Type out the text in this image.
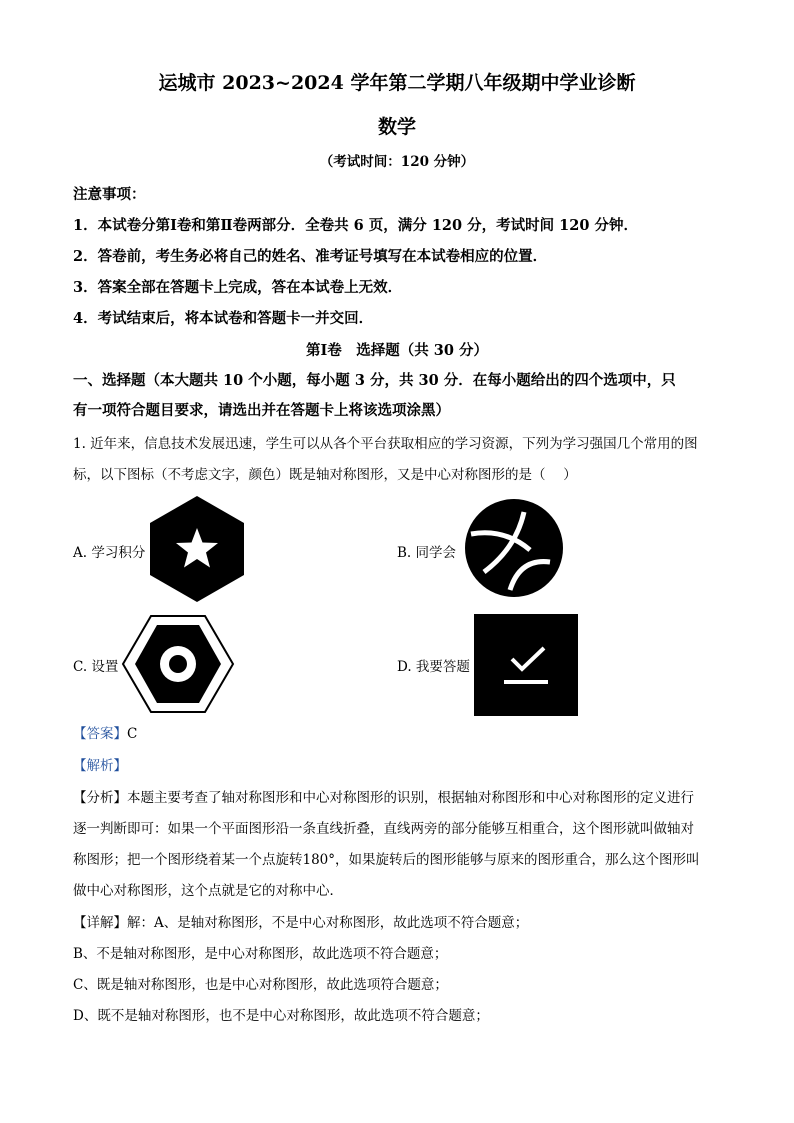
运城市 2023~2024 学年第二学期八年级期中学业诊断
数学
（考试时间：120 分钟）
注意事项：
1．本试卷分第Ⅰ卷和第Ⅱ卷两部分．全卷共 6 页，满分 120 分，考试时间 120 分钟．
2．答卷前，考生务必将自己的姓名、准考证号填写在本试卷相应的位置．
3．答案全部在答题卡上完成，答在本试卷上无效．
4．考试结束后，将本试卷和答题卡一并交回．
第Ⅰ卷　选择题（共 30 分）
一、选择题（本大题共 10 个小题，每小题 3 分，共 30 分．在每小题给出的四个选项中，只
有一项符合题目要求，请选出并在答题卡上将该选项涂黑）
1. 近年来，信息技术发展迅速，学生可以从各个平台获取相应的学习资源，下列为学习强国几个常用的图
标，以下图标（不考虑文字，颜色）既是轴对称图形，又是中心对称图形的是（　 ）
A. 学习积分	B. 同学会
C. 设置	D. 我要答题
【答案】C
【解析】
【分析】本题主要考查了轴对称图形和中心对称图形的识别，根据轴对称图形和中心对称图形的定义进行
逐一判断即可：如果一个平面图形沿一条直线折叠，直线两旁的部分能够互相重合，这个图形就叫做轴对
称图形；把一个图形绕着某一个点旋转180°，如果旋转后的图形能够与原来的图形重合，那么这个图形叫
做中心对称图形，这个点就是它的对称中心．
【详解】解：A、是轴对称图形，不是中心对称图形，故此选项不符合题意；
B、不是轴对称图形，是中心对称图形，故此选项不符合题意；
C、既是轴对称图形，也是中心对称图形，故此选项符合题意；
D、既不是轴对称图形，也不是中心对称图形，故此选项不符合题意；
